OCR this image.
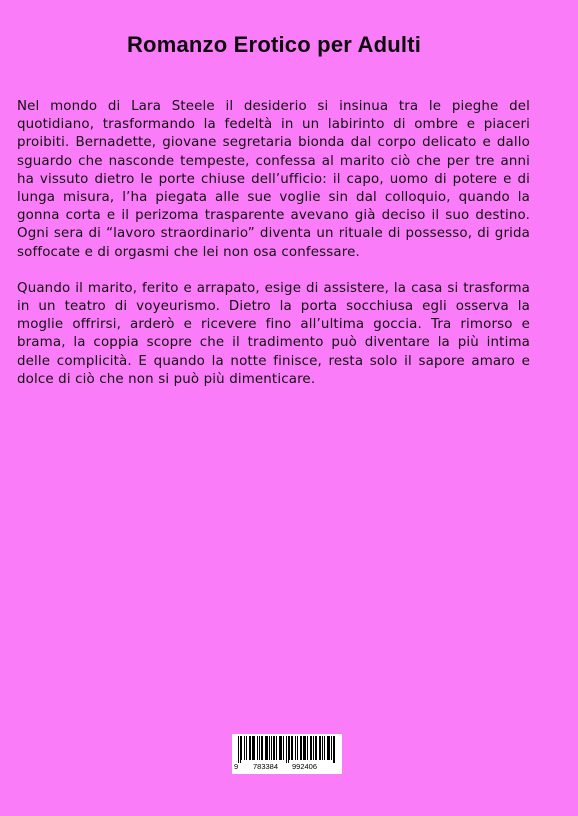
Romanzo Erotico per Adulti

Nel mondo di Lara Steele il desiderio si insinua tra le pieghe del quotidiano, trasformando la fedeltà in un labirinto di ombre e piaceri proibiti. Bernadette, giovane segretaria bionda dal corpo delicato e dallo sguardo che nasconde tempeste, confessa al marito ciò che per tre anni ha vissuto dietro le porte chiuse dell’ufficio: il capo, uomo di potere e di lunga misura, l’ha piegata alle sue voglie sin dal colloquio, quando la gonna corta e il perizoma trasparente avevano già deciso il suo destino. Ogni sera di “lavoro straordinario” diventa un rituale di possesso, di grida soffocate e di orgasmi che lei non osa confessare.

Quando il marito, ferito e arrapato, esige di assistere, la casa si trasforma in un teatro di voyeurismo. Dietro la porta socchiusa egli osserva la moglie offrirsi, arderò e ricevere fino all’ultima goccia. Tra rimorso e brama, la coppia scopre che il tradimento può diventare la più intima delle complicità. E quando la notte finisce, resta solo il sapore amaro e dolce di ciò che non si può più dimenticare.

9 783384 992406
